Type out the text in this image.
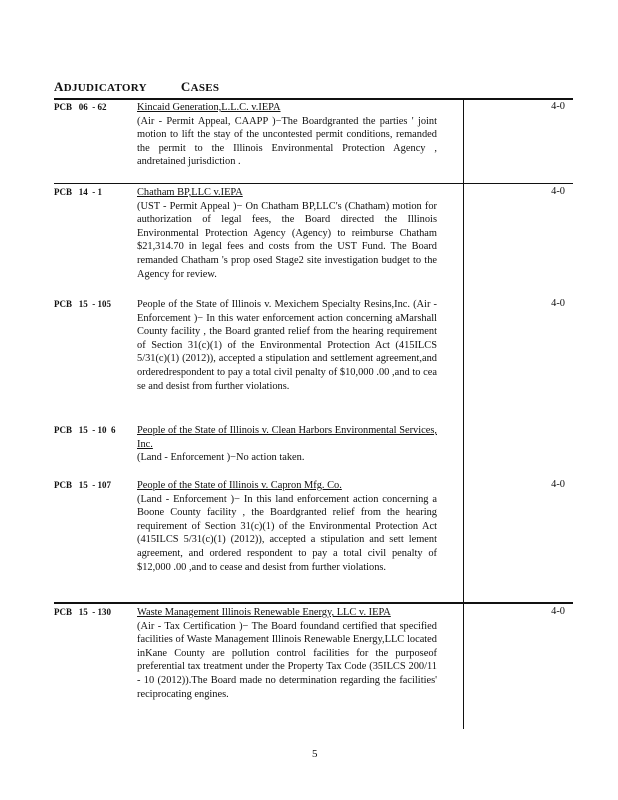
ADJUDICATORY	CASES
PCB   06  - 62	Kincaid Generation,L.L.C. v.IEPA
(Air - Permit Appeal, CAAPP )−The Boardgranted the parties ' joint motion to lift the stay of the uncontested permit conditions, remanded the permit to the Illinois Environmental Protection Agency , andretained jurisdiction .
4-0
PCB   14  - 1	Chatham BP,LLC v.IEPA
(UST - Permit Appeal )− On Chatham BP,LLC's (Chatham) motion for authorization of legal fees, the Board directed the Illinois Environmental Protection Agency (Agency) to reimburse Chatham $21,314.70 in legal fees and costs from the UST Fund. The Board remanded Chatham 's prop osed Stage2 site investigation budget to the Agency for review.
4-0
PCB   15  - 105	People of the State of Illinois v. Mexichem Specialty Resins,Inc. (Air - Enforcement )− In this water enforcement action concerning aMarshall County facility , the Board granted relief from the hearing requirement of Section 31(c)(1) of the Environmental Protection Act (415ILCS 5/31(c)(1) (2012)), accepted a stipulation and settlement agreement,and orderedrespondent to pay a total civil penalty of $10,000 .00 ,and to cea se and desist from further violations.
4-0
PCB   15  - 10  6	People of the State of Illinois v. Clean Harbors Environmental Services, Inc.
(Land - Enforcement )−No action taken.
PCB   15  - 107	People of the State of Illinois v. Capron Mfg. Co.
(Land - Enforcement )− In this land enforcement action concerning a Boone County facility , the Boardgranted relief from the hearing requirement of Section 31(c)(1) of the Environmental Protection Act (415ILCS 5/31(c)(1) (2012)), accepted a stipulation and sett lement agreement, and ordered respondent to pay a total civil penalty of $12,000 .00 ,and to cease and desist from further violations.
4-0
PCB   15  - 130	Waste Management Illinois Renewable Energy, LLC v. IEPA
(Air - Tax Certification )− The Board foundand certified that specified facilities of Waste Management Illinois Renewable Energy,LLC located inKane County are pollution control facilities for the purposeof preferential tax treatment under the Property Tax Code (35ILCS 200/11 - 10 (2012)).The Board made no determination regarding the facilities' reciprocating engines.
4-0
5
